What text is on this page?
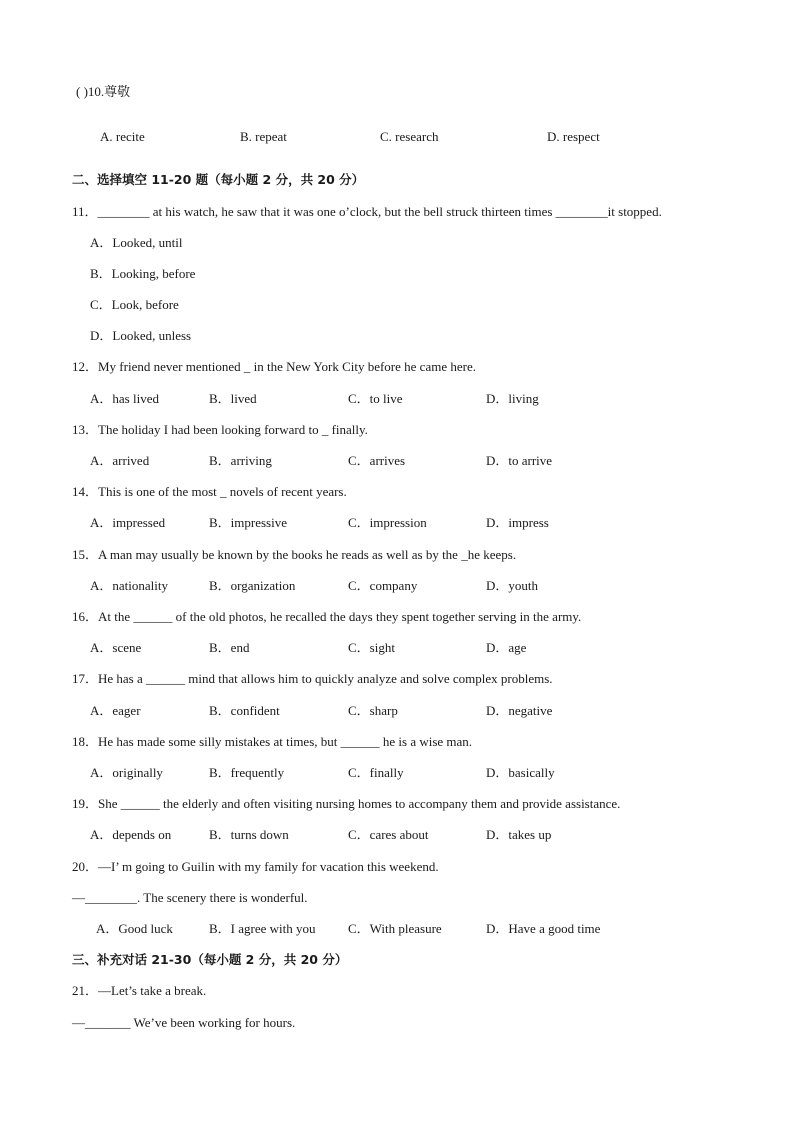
( )10.尊敬
A. recite	B. repeat	C. research	D. respect
二、选择填空 11-20 题（每小题 2 分，共 20 分）
11．________ at his watch, he saw that it was one o’clock, but the bell struck thirteen times ________it stopped.
A．Looked, until
B．Looking, before
C．Look, before
D．Looked, unless
12．My friend never mentioned _ in the New York City before he came here.
A．has lived	B．lived	C．to live	D．living
13．The holiday I had been looking forward to _ finally.
A．arrived	B．arriving	C．arrives	D．to arrive
14．This is one of the most _ novels of recent years.
A．impressed	B．impressive	C．impression	D．impress
15．A man may usually be known by the books he reads as well as by the _he keeps.
A．nationality	B．organization	C．company	D．youth
16．At the ______ of the old photos, he recalled the days they spent together serving in the army.
A．scene	B．end	C．sight	D．age
17．He has a ______ mind that allows him to quickly analyze and solve complex problems.
A．eager	B．confident	C．sharp	D．negative
18．He has made some silly mistakes at times, but ______ he is a wise man.
A．originally	B．frequently	C．finally	D．basically
19．She ______ the elderly and often visiting nursing homes to accompany them and provide assistance.
A．depends on	B．turns down	C．cares about	D．takes up
20．—I’ m going to Guilin with my family for vacation this weekend.
—________. The scenery there is wonderful.
A．Good luck	B．I agree with you C．With pleasure	D．Have a good time
三、补充对话 21-30（每小题 2 分，共 20 分）
21．—Let’s take a break.
—_______ We’ve been working for hours.
